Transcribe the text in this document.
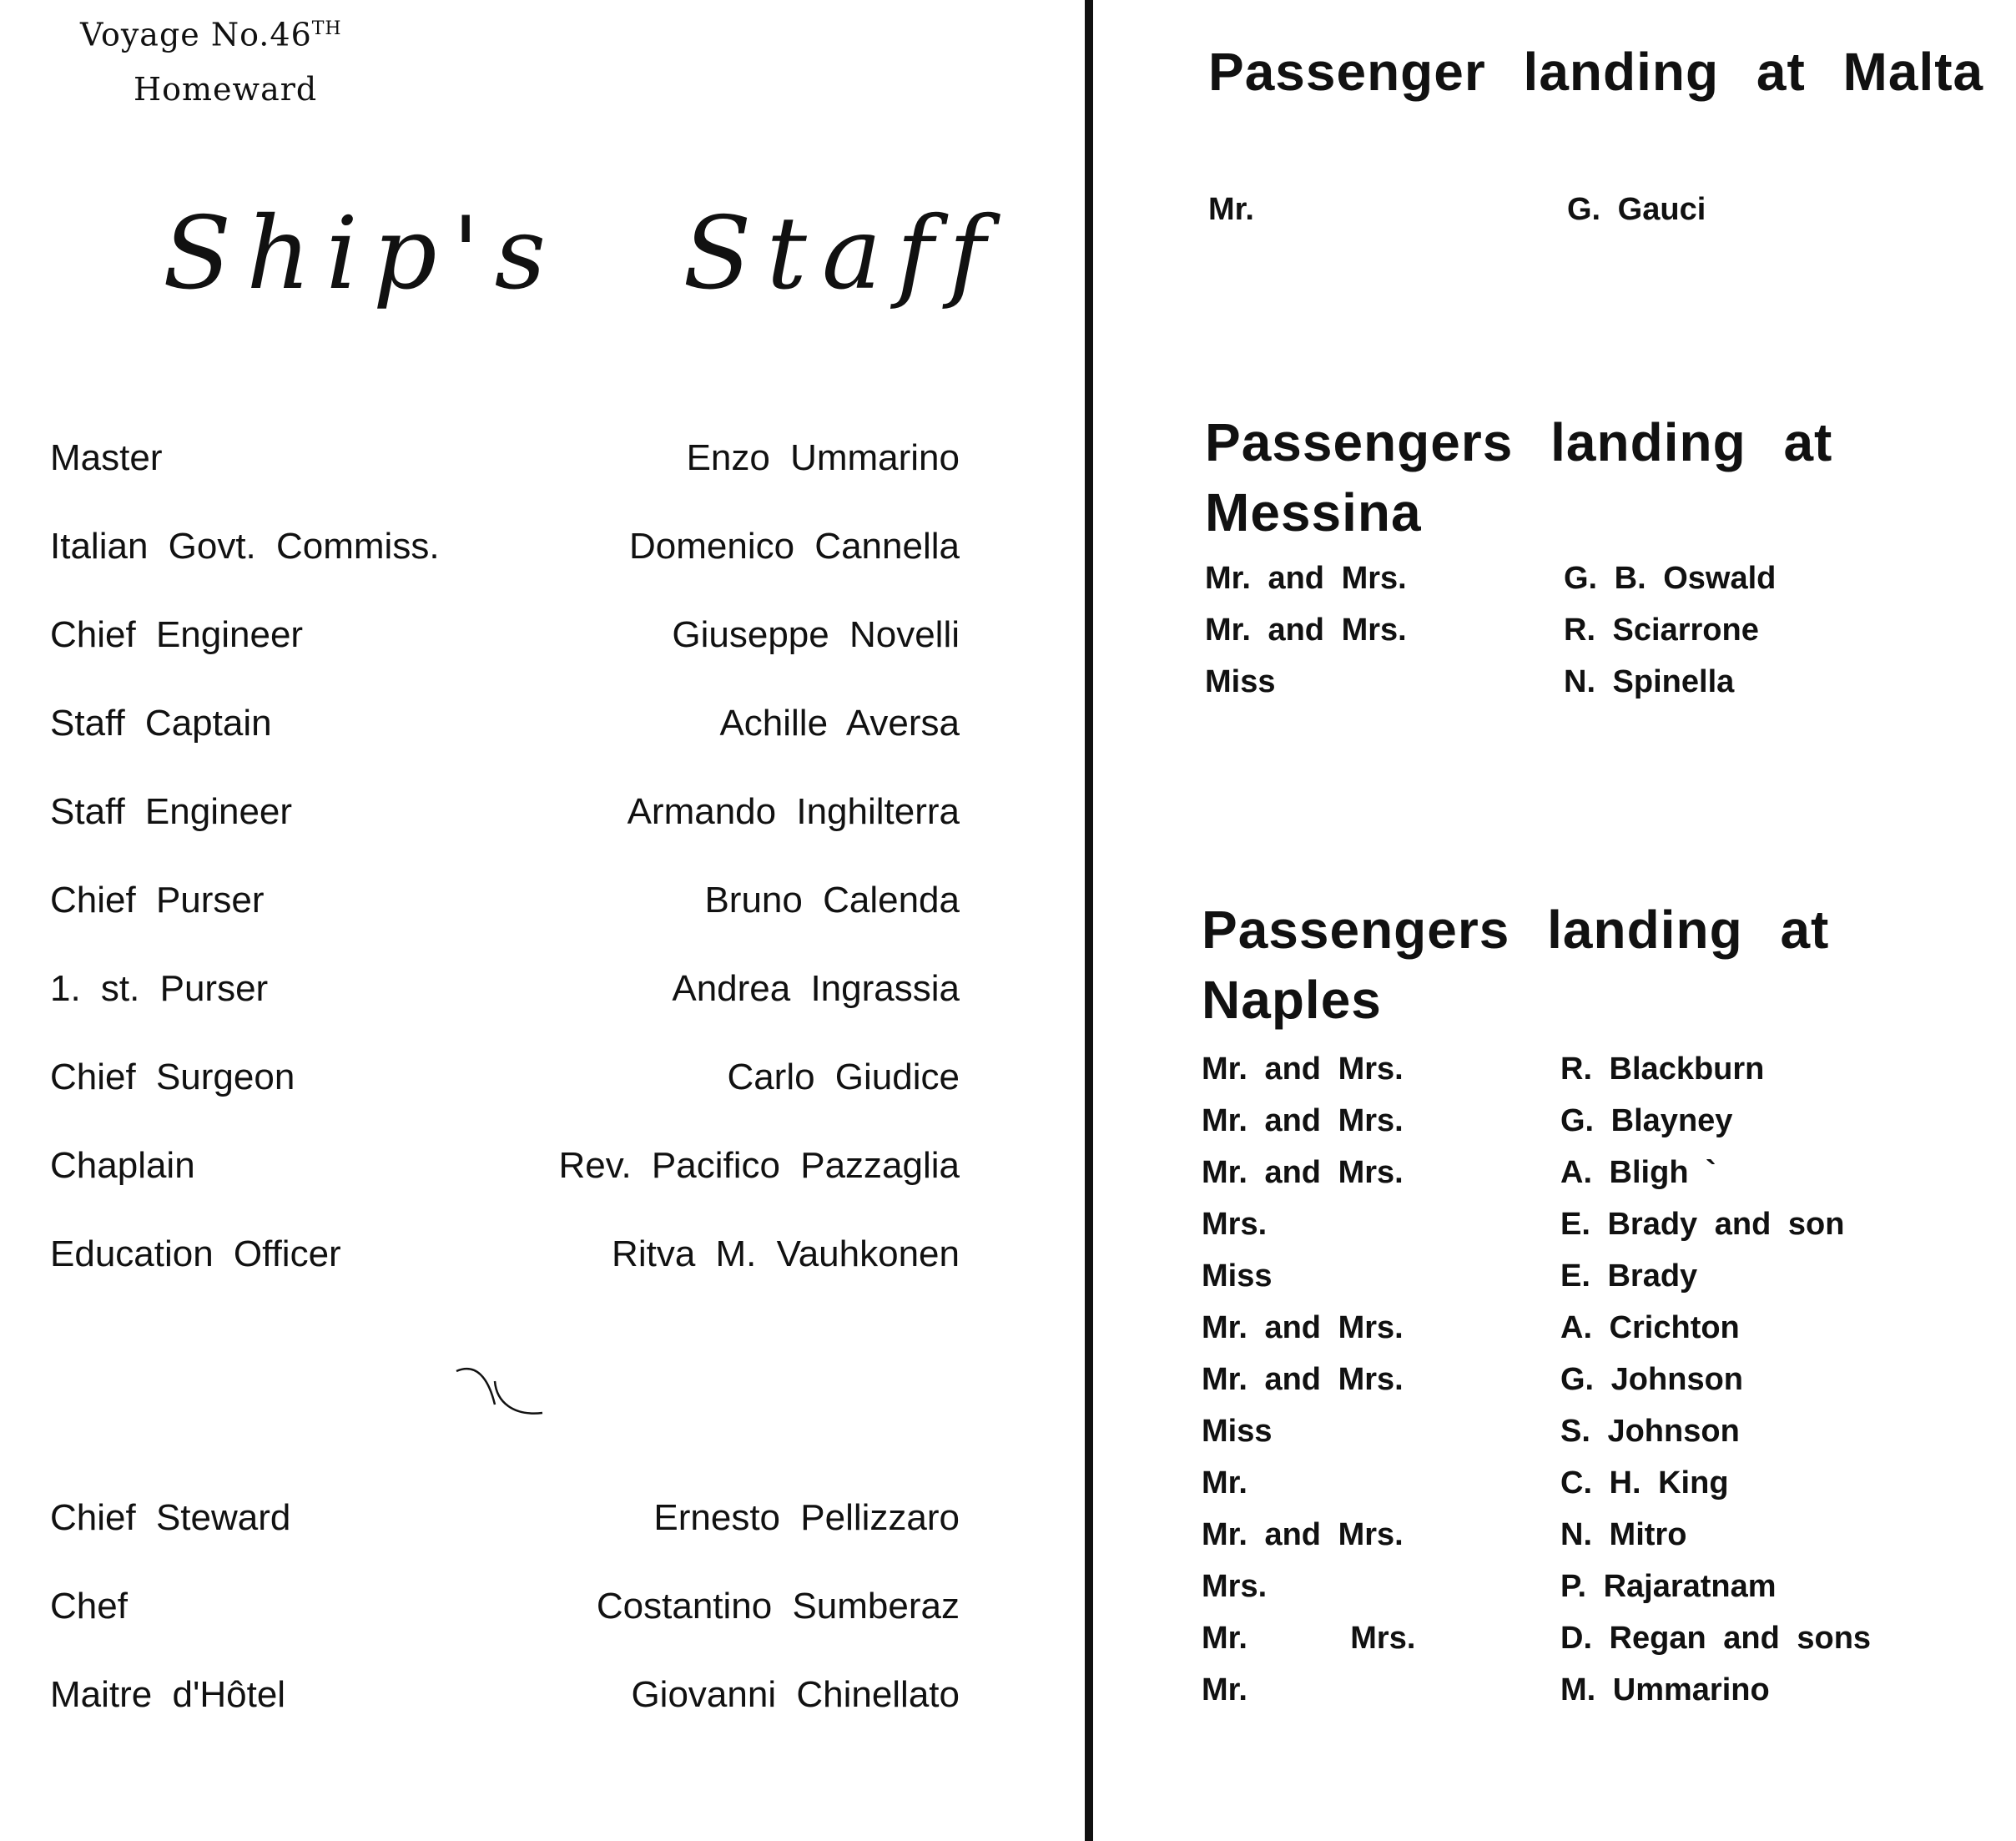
Voyage No.46TH
Homeward
Ship's Staff
Master	Enzo Ummarino
Italian Govt. Commiss.	Domenico Cannella
Chief Engineer	Giuseppe Novelli
Staff Captain	Achille Aversa
Staff Engineer	Armando Inghilterra
Chief Purser	Bruno Calenda
1. st. Purser	Andrea Ingrassia
Chief Surgeon	Carlo Giudice
Chaplain	Rev. Pacifico Pazzaglia
Education Officer	Ritva M. Vauhkonen
Chief Steward	Ernesto Pellizzaro
Chef	Costantino Sumberaz
Maitre d'Hôtel	Giovanni Chinellato
Passenger landing at Malta
Mr.	G. Gauci
Passengers landing at Messina
Mr. and Mrs.	G. B. Oswald
Mr. and Mrs.	R. Sciarrone
Miss	N. Spinella
Passengers landing at Naples
Mr. and Mrs.	R. Blackburn
Mr. and Mrs.	G. Blayney
Mr. and Mrs.	A. Bligh `
Mrs.	E. Brady and son
Miss	E. Brady
Mr. and Mrs.	A. Crichton
Mr. and Mrs.	G. Johnson
Miss	S. Johnson
Mr.	C. H. King
Mr. and Mrs.	N. Mitro
Mrs.	P. Rajaratnam
Mr.      Mrs.	D. Regan and sons
Mr.	M. Ummarino
